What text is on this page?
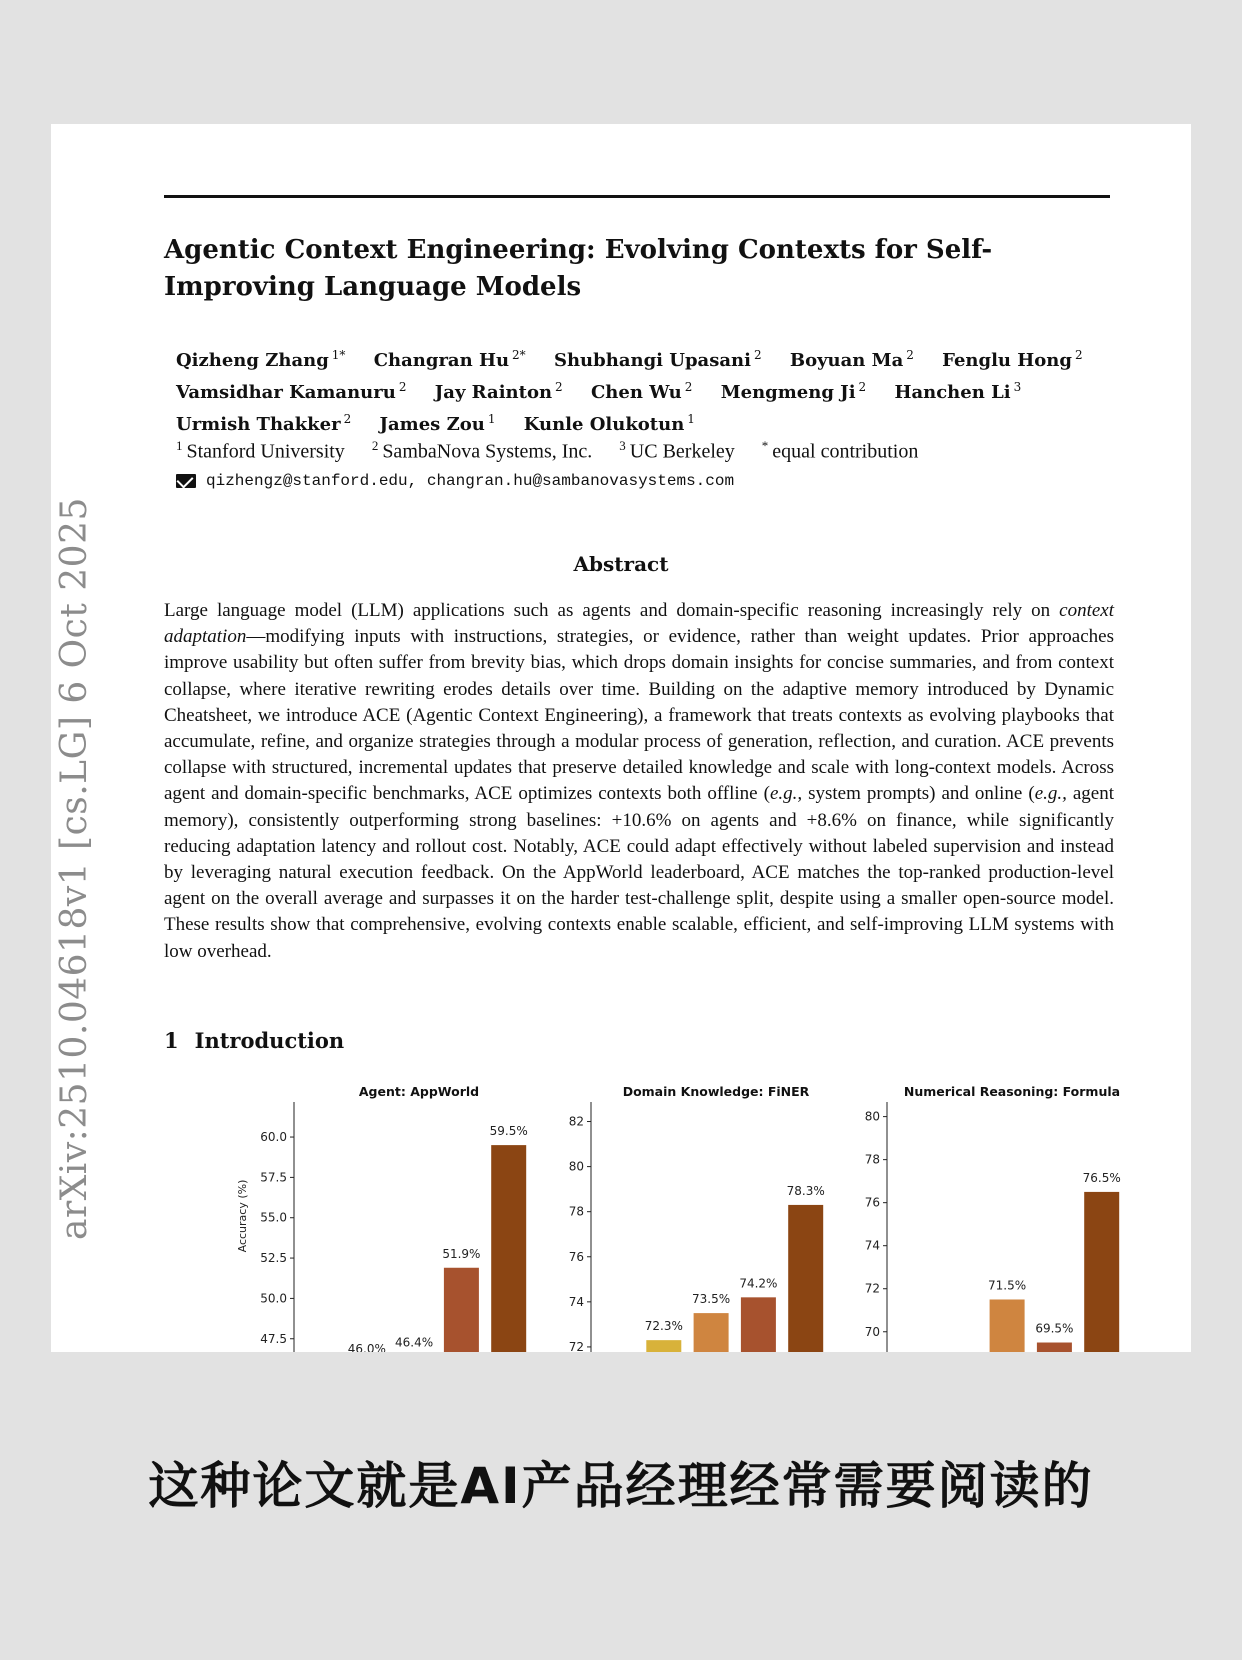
Agentic Context Engineering: Evolving Contexts for Self-Improving Language Models
Qizheng Zhang $^{1*}$ Changran Hu $^{2*}$ Shubhangi Upasani $^2$ Boyuan Ma $^2$ Fenglu Hong $^2$
Vamsidhar Kamanuru $^2$ Jay Rainton $^2$ Chen Wu $^2$ Mengmeng Ji $^2$ Hanchen Li $^3$
Urmish Thakker $^2$ James Zou $^1$ Kunle Olukotun $^1$
$^1$ Stanford University $^2$ SambaNova Systems, Inc. $^3$ UC Berkeley * equal contribution
qizhengz@stanford.edu, changran.hu@sambanovasystems.com
Abstract

Large language model (LLM) applications such as agents and domain-specific reasoning increasingly rely on context adaptation—modifying inputs with instructions, strategies, or evidence, rather than weight updates. Prior approaches improve usability but often suffer from brevity bias, which drops domain insights for concise summaries, and from context collapse, where iterative rewriting erodes details over time. Building on the adaptive memory introduced by Dynamic Cheatsheet, we introduce ACE (Agentic Context Engineering), a framework that treats contexts as evolving playbooks that accumulate, refine, and organize strategies through a modular process of generation, reflection, and curation. ACE prevents collapse with structured, incremental updates that preserve detailed knowledge and scale with long-context models. Across agent and domain-specific benchmarks, ACE optimizes contexts both offline (e.g., system prompts) and online (e.g., agent memory), consistently outperforming strong baselines: +10.6% on agents and +8.6% on finance, while significantly reducing adaptation latency and rollout cost. Notably, ACE could adapt effectively without labeled supervision and instead by leveraging natural execution feedback. On the AppWorld leaderboard, ACE matches the top-ranked production-level agent on the overall average and surpasses it on the harder test-challenge split, despite using a smaller open-source model. These results show that comprehensive, evolving contexts enable scalable, efficient, and self-improving LLM systems with low overhead.

1 Introduction
45.0
47.5
50.0
52.5
55.0
57.5
60.0
Agent: AppWorld
Accuracy (%)
42.4%
46.0% 46.4%
51.9%
59.5%
72
74
76
78
80
82
Domain Knowledge: FiNER
70.7%
72.3%
73.5%
74.2%
78.3%
68
70
72
74
76
78
80
Numerical Reasoning: Formula
67.5%
67.0%
71.5%
69.5%
76.5%
arXiv:2510.04618v1 [cs.LG] 6 Oct 2025
这种论文就是AI产品经理经常需要阅读的
